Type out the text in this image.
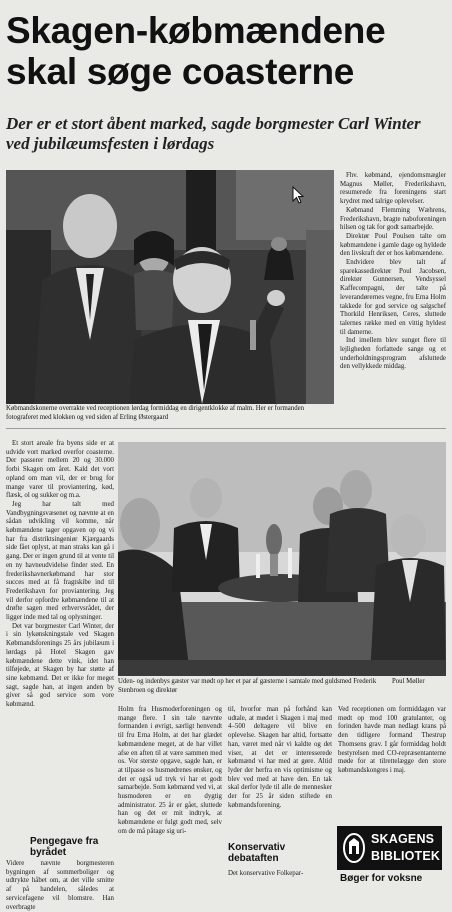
Skagen-købmændene
skal søge coasterne
Der er et stort åbent marked, sagde borgmester Carl Winter ved jubilæumsfesten i lørdags
Købmandskonerne overrakte ved receptionen lørdag formiddag en dirigentklokke af malm. Her er formanden fotograferet med klokken og ved siden af Erling Østergaard

Fhv. købmand, ejendomsmægler Magnus Møller, Frederikshavn, resumerede fra foreningens start krydret med talrige oplevelser.

Købmand Flemming Wæhrens, Frederikshavn, bragte naboforeningen hilsen og tak for godt samarbejde.

Direktør Poul Poulsen talte om købmændene i gamle dage og hyldede den livskraft der er hos købmændene.

Endvidere blev talt af sparekassedirektør Poul Jacobsen, direktør Gunnersen, Vendsyssel Kaffecompagni, der talte på leverandørernes vegne, fru Erna Holm takkede for god service og salgschef Thorkild Henriksen, Ceres, sluttede talernes række med en vittig hyldest til damerne.

Ind imellem blev sunget flere til lejligheden forfattede sange og et underholdningsprogram afsluttede den vellykkede middag.

Et stort areale fra byens side er at udvide vort marked overfor coasterne. Der passerer mellem 20 og 30.000 forbi Skagen om året. Kald det vort opland om man vil, der er brug for mange varer til proviantering, kød, flæsk, ol og sukker og m.a.

Jeg har talt med Vandbygningsvæsenet og nævnte at en sådan udvikling vil komme, når købmændene tager opgaven op og vi har fra distriktsingeniør Kjærgaards side fået oplyst, at man straks kan gå i gang. Der er ingen grund til at vente til en ny havneudvidelse finder sted. En frederikshavnerkøbmand har stor succes med at få fragtskibe ind til Frederikshavn for proviantering. Jeg vil derfor opfordre købmændene til at drøfte sagen med erhvervsrådet, der ligger inde med tal og oplysninger.

Det var borgmester Carl Winter, der i sin lykønskningstale ved Skagen Købmandsforenings 25 års jubilæum i lørdags på Hotel Skagen gav købmændene dette vink, idet han tilføjede, at Skagen by har støtte af sine købmænd. Det er ikke for meget sagt, sagde han, at ingen anden by giver så god service som vore købmænd.

Pengegave fra byrådet
Videre nævnte borgmesteren bygningen af sommerboliger og udtrykte håbet om, at det ville smitte af på handelen, således at servicefagene vil blomstre. Han overbragte
Uden- og indenbys gæster var mødt op her et par af gæsterne i samtale med guldsmed Frederik Stenbroen og direktør
Poul Møller
Holm fra Husmoderforeningen og mange flere. I sin tale nævnte formanden i øvrigt, særligt henvendt til fru Erna Holm, at det har glædet købmændene meget, at de har villet afse en aften til at være sammen med os. Vor sterste opgave, sagde han, er at tilpasse os husmødrenes ønsker, og det er også ud tryk vi har et godt samarbejde. Som købmænd ved vi, at husmoderen er en dygtig administrator. 25 år er gået, sluttede han og det er mit indtryk, at købmændene er fulgt godt med, selv om de må påtage sig uri-
til, hvorfor man på forhånd kan udtale, at mødet i Skagen i maj med 4–500 deltagere vil blive en oplevelse. Skagen har altid, fortsatte han, været med når vi kaldte og det viser, at det er interesserede købmænd vi har med at gøre. Altid lyder der herfra en vis optimisme og blev ved med at have den. En tak skal derfor lyde til alle de mennesker der for 25 år siden stiftede en købmandsforening.
Konservativ debataften
Det konservative Folkepar-
Ved receptionen om formiddagen var mødt op mod 100 gratulanter, og forinden havde man nedlagt krans på den tidligere formand Thestrup Thomsens grav. I går formiddag holdt bestyrelsen med CO-repræsentanterne møde for at tilrettelægge den store købmandskongres i maj.
SKAGENS
BIBLIOTEK
Bøger for voksne
